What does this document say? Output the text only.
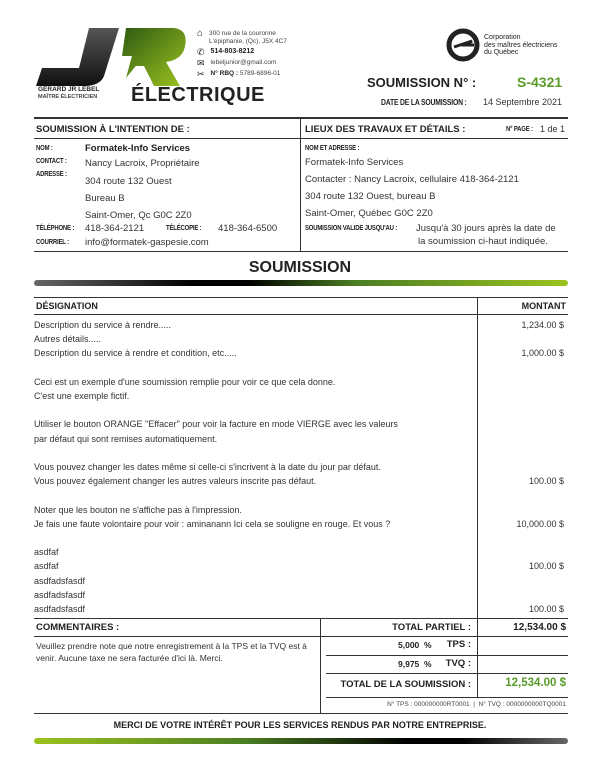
GÉRARD JR LEBEL
MAÎTRE ÉLECTRICIEN ÉLECTRIQUE
⌂ 300 rue de la couronne
L'épiphanie, (Qc), J5X 4C7
✆ 514-803-8212
✉ lebeljunior@gmail.com
✂ N° RBQ : 5789-6896-01
Corporation
des maîtres électriciens
du Québec
SOUMISSION N° :	S-4321
DATE DE LA SOUMISSION : 14 Septembre 2021
SOUMISSION À L'INTENTION DE :	LIEUX DES TRAVAUX ET DÉTAILS :	N° PAGE : 1 de 1
NOM :	Formatek-Info Services
CONTACT : Nancy Lacroix, Propriétaire
ADRESSE :
304 route 132 Ouest
Bureau B
Saint-Omer, Qc G0C 2Z0
TÉLÉPHONE : 418-364-2121	TÉLÉCOPIE : 418-364-6500
COURRIEL : info@formatek-gaspesie.com
NOM ET ADRESSE :
Formatek-Info Services
Contacter : Nancy Lacroix, cellulaire 418-364-2121
304 route 132 Ouest, bureau B
Saint-Omer, Québec G0C 2Z0
SOUMISSION VALIDE JUSQU'AU : Jusqu'à 30 jours après la date de
la soumission ci-haut indiquée.
SOUMISSION
DÉSIGNATION	MONTANT
Description du service à rendre.....	1,234.00 $
Autres détails.....
Description du service à rendre et condition, etc.....	1,000.00 $
Ceci est un exemple d'une soumission remplie pour voir ce que cela donne.
C'est une exemple fictif.
Utiliser le bouton ORANGE "Effacer" pour voir la facture en mode VIERGE avec les valeurs
par défaut qui sont remises automatiquement.
Vous pouvez changer les dates même si celle-ci s'incrivent à la date du jour par défaut.
Vous pouvez également changer les autres valeurs inscrite pas défaut.	100.00 $
Noter que les bouton ne s'affiche pas à l'impression.
Je fais une faute volontaire pour voir : aminanann Ici cela se souligne en rouge. Et vous ?	10,000.00 $
asdfaf
asdfaf	100.00 $
asdfadsfasdf
asdfadsfasdf
asdfadsfasdf	100.00 $
COMMENTAIRES :	TOTAL PARTIEL :	12,534.00 $
Veuillez prendre note que notre enregistrement à la TPS et la TVQ est à venir. Aucune taxe ne sera facturée d'ici là. Merci.
5,000  % TPS :
9,975  % TVQ :
TOTAL DE LA SOUMISSION :	12,534.00 $
N° TPS : 000000000RT0001  |  N° TVQ : 0000000000TQ0001
MERCI DE VOTRE INTÉRÊT POUR LES SERVICES RENDUS PAR NOTRE ENTREPRISE.
